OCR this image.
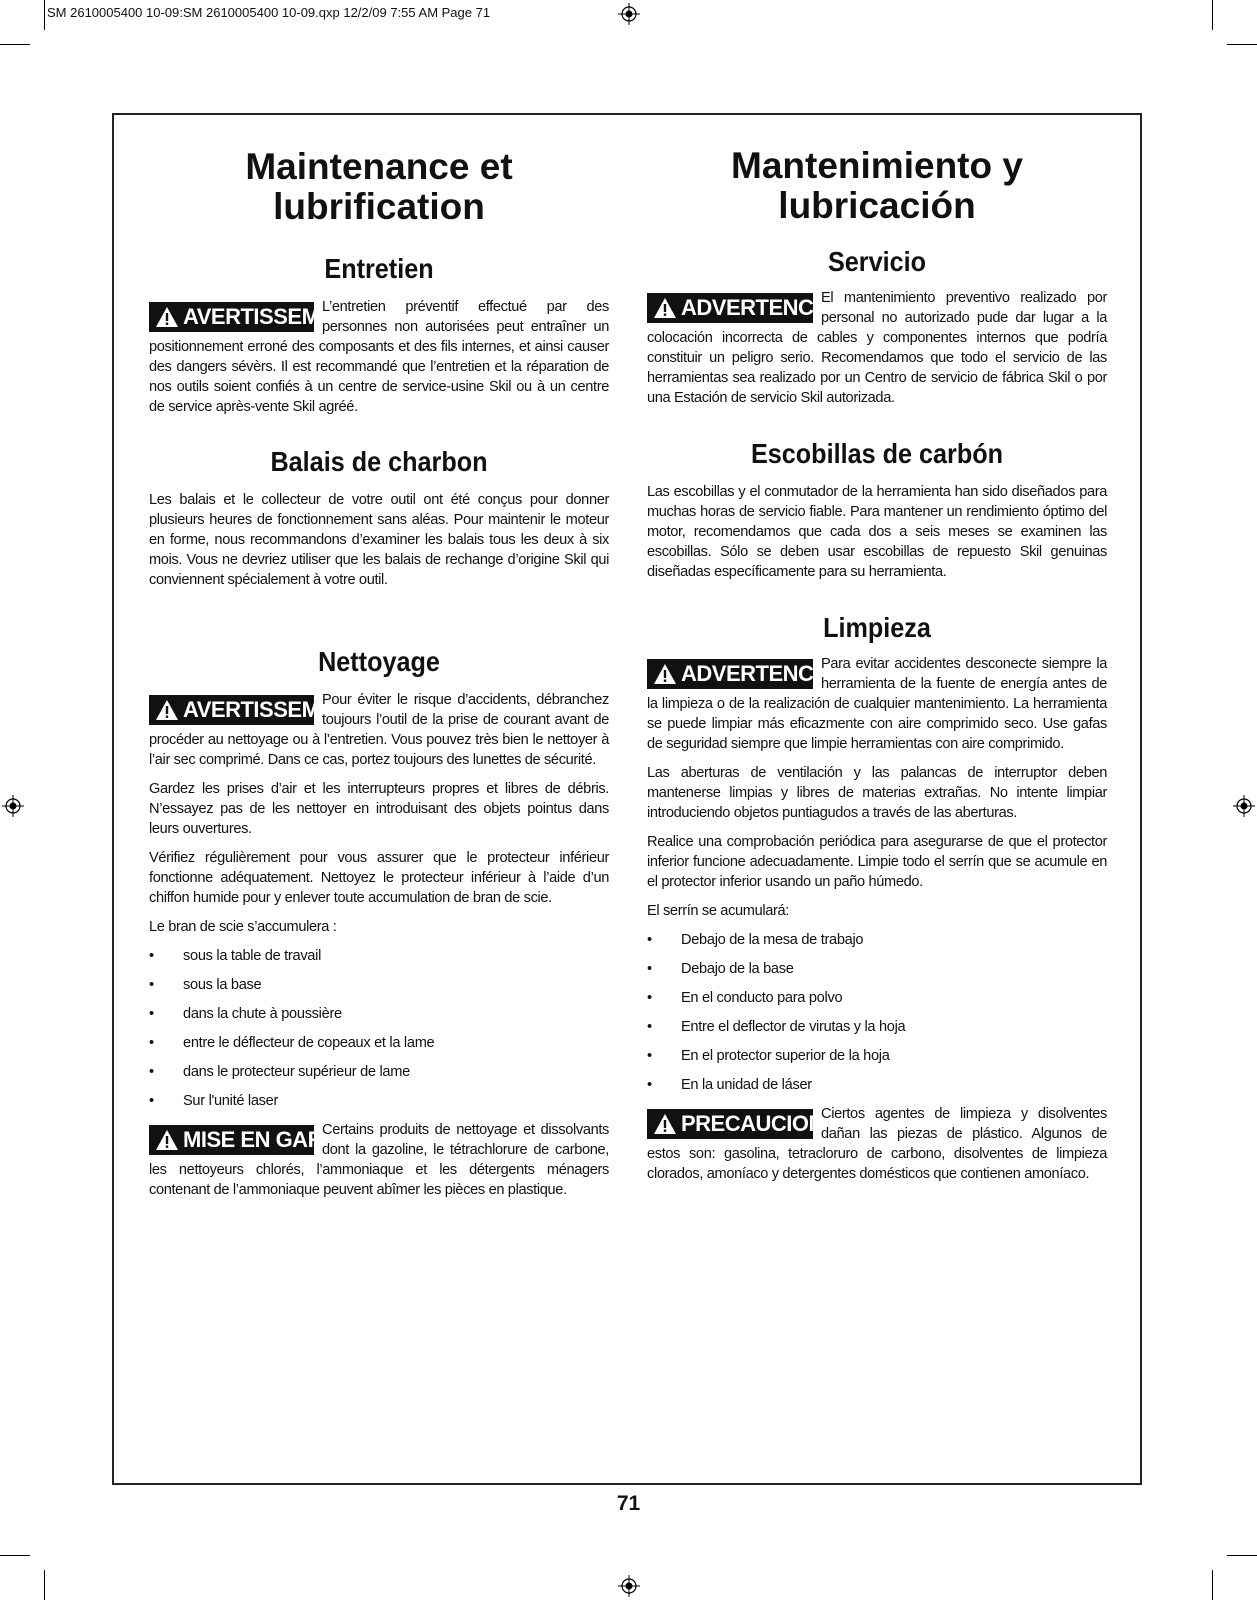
SM 2610005400 10-09:SM 2610005400 10-09.qxp 12/2/09 7:55 AM Page 71
Maintenance et lubrification
Entretien
AVERTISSEMENT

L’entretien préventif effectué par des personnes non autorisées peut entraîner un positionnement erroné des composants et des fils internes, et ainsi causer des dangers sévèrs. Il est recommandé que l’entretien et la réparation de nos outils soient confiés à un centre de service-usine Skil ou à un centre de service après-vente Skil agréé.

Balais de charbon

Les balais et le collecteur de votre outil ont été conçus pour donner plusieurs heures de fonctionnement sans aléas. Pour maintenir le moteur en forme, nous recommandons d’examiner les balais tous les deux à six mois. Vous ne devriez utiliser que les balais de rechange d’origine Skil qui conviennent spécialement à votre outil.

Nettoyage
AVERTISSEMENT

Pour éviter le risque d’accidents, débranchez toujours l’outil de la prise de courant avant de procéder au nettoyage ou à l’entretien. Vous pouvez très bien le nettoyer à l’air sec comprimé. Dans ce cas, portez toujours des lunettes de sécurité.

Gardez les prises d’air et les interrupteurs propres et libres de débris. N’essayez pas de les nettoyer en introduisant des objets pointus dans leurs ouvertures.

Vérifiez régulièrement pour vous assurer que le protecteur inférieur fonctionne adéquatement. Nettoyez le protecteur inférieur à l’aide d’un chiffon humide pour y enlever toute accumulation de bran de scie.

Le bran de scie s’accumulera :

• sous la table de travail
• sous la base
• dans la chute à poussière
• entre le déflecteur de copeaux et la lame
• dans le protecteur supérieur de lame
• Sur l'unité laser
MISE EN GARDE

Certains produits de nettoyage et dissolvants dont la gazoline, le tétrachlorure de carbone, les nettoyeurs chlorés, l’ammoniaque et les détergents ménagers contenant de l’ammoniaque peuvent abîmer les pièces en plastique.

Mantenimiento y lubricación
Servicio
ADVERTENCIA

El mantenimiento preventivo realizado por personal no autorizado pude dar lugar a la colocación incorrecta de cables y componentes internos que podría constituir un peligro serio. Recomendamos que todo el servicio de las herramientas sea realizado por un Centro de servicio de fábrica Skil o por una Estación de servicio Skil autorizada.

Escobillas de carbón

Las escobillas y el conmutador de la herramienta han sido diseñados para muchas horas de servicio fiable. Para mantener un rendimiento óptimo del motor, recomendamos que cada dos a seis meses se examinen las escobillas. Sólo se deben usar escobillas de repuesto Skil genuinas diseñadas específicamente para su herramienta.

Limpieza
ADVERTENCIA

Para evitar accidentes desconecte siempre la herramienta de la fuente de energía antes de la limpieza o de la realización de cualquier mantenimiento. La herramienta se puede limpiar más eficazmente con aire comprimido seco. Use gafas de seguridad siempre que limpie herramientas con aire comprimido.

Las aberturas de ventilación y las palancas de interruptor deben mantenerse limpias y libres de materias extrañas. No intente limpiar introduciendo objetos puntiagudos a través de las aberturas.

Realice una comprobación periódica para asegurarse de que el protector inferior funcione adecuadamente. Limpie todo el serrín que se acumule en el protector inferior usando un paño húmedo.

El serrín se acumulará:

• Debajo de la mesa de trabajo
• Debajo de la base
• En el conducto para polvo
• Entre el deflector de virutas y la hoja
• En el protector superior de la hoja
• En la unidad de láser
PRECAUCION

Ciertos agentes de limpieza y disolventes dañan las piezas de plástico. Algunos de estos son: gasolina, tetracloruro de carbono, disolventes de limpieza clorados, amoníaco y detergentes domésticos que contienen amoníaco.

71
